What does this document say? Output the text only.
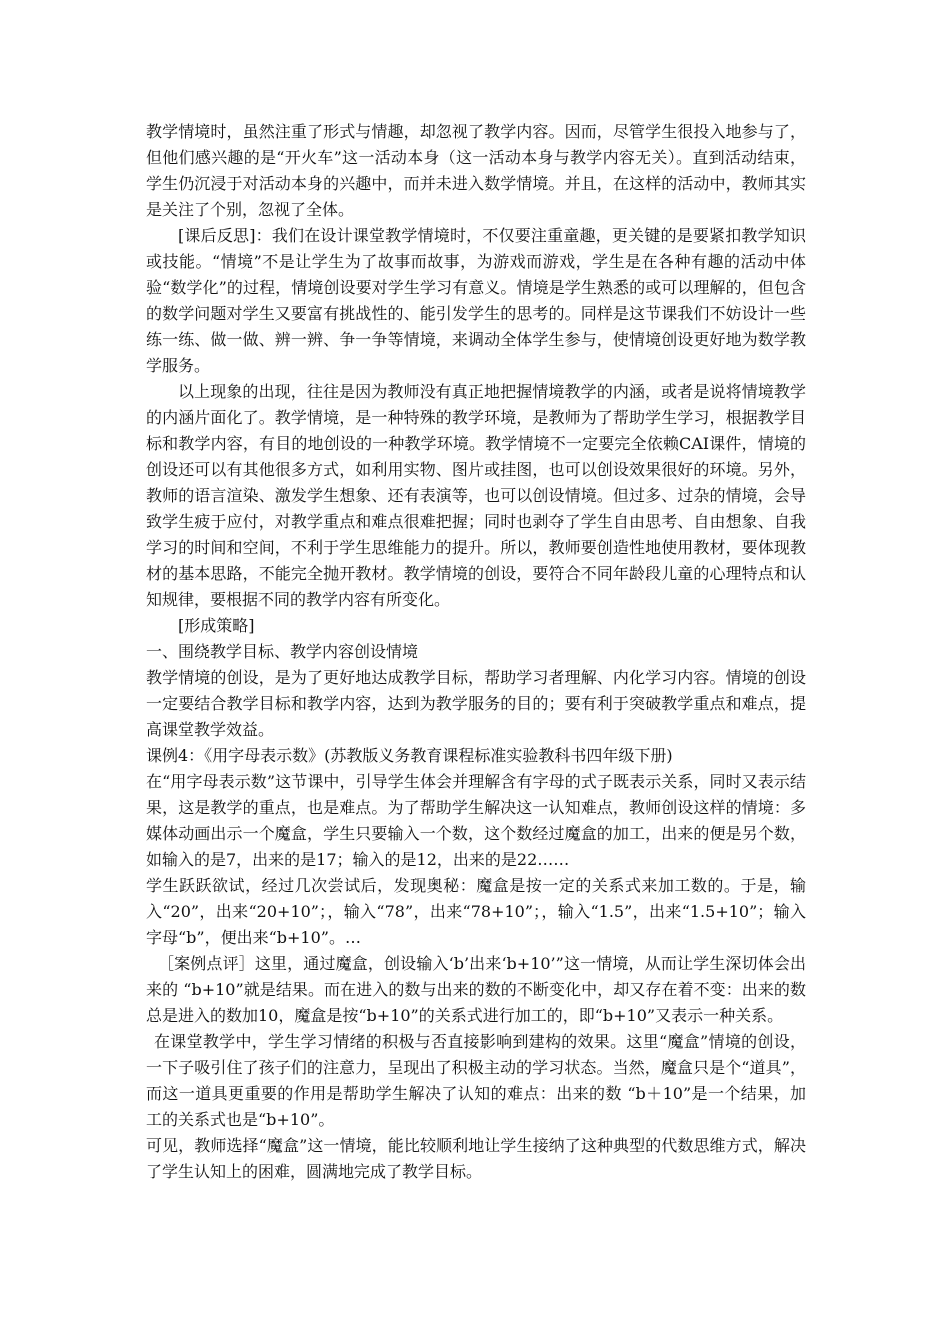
教学情境时，虽然注重了形式与情趣，却忽视了教学内容。因而，尽管学生很投入地参与了，但他们感兴趣的是“开火车”这一活动本身（这一活动本身与教学内容无关）。直到活动结束，学生仍沉浸于对活动本身的兴趣中，而并未进入数学情境。并且，在这样的活动中，教师其实是关注了个别，忽视了全体。

[课后反思]：我们在设计课堂教学情境时，不仅要注重童趣，更关键的是要紧扣教学知识或技能。“情境”不是让学生为了故事而故事，为游戏而游戏，学生是在各种有趣的活动中体验“数学化”的过程，情境创设要对学生学习有意义。情境是学生熟悉的或可以理解的，但包含的数学问题对学生又要富有挑战性的、能引发学生的思考的。同样是这节课我们不妨设计一些练一练、做一做、辨一辨、争一争等情境，来调动全体学生参与，使情境创设更好地为数学教学服务。

以上现象的出现，往往是因为教师没有真正地把握情境教学的内涵，或者是说将情境教学的内涵片面化了。教学情境，是一种特殊的教学环境，是教师为了帮助学生学习，根据教学目标和教学内容，有目的地创设的一种教学环境。教学情境不一定要完全依赖CAI课件，情境的创设还可以有其他很多方式，如利用实物、图片或挂图，也可以创设效果很好的环境。另外，教师的语言渲染、激发学生想象、还有表演等，也可以创设情境。但过多、过杂的情境，会导致学生疲于应付，对教学重点和难点很难把握；同时也剥夺了学生自由思考、自由想象、自我学习的时间和空间，不利于学生思维能力的提升。所以，教师要创造性地使用教材，要体现教材的基本思路，不能完全抛开教材。教学情境的创设，要符合不同年龄段儿童的心理特点和认知规律，要根据不同的教学内容有所变化。

[形成策略]

一、围绕教学目标、教学内容创设情境

教学情境的创设，是为了更好地达成教学目标，帮助学习者理解、内化学习内容。情境的创设一定要结合教学目标和教学内容，达到为教学服务的目的；要有利于突破教学重点和难点，提高课堂教学效益。

课例4：《用字母表示数》(苏教版义务教育课程标准实验教科书四年级下册)

在“用字母表示数”这节课中，引导学生体会并理解含有字母的式子既表示关系，同时又表示结果，这是教学的重点，也是难点。为了帮助学生解决这一认知难点，教师创设这样的情境：多媒体动画出示一个魔盒，学生只要输入一个数，这个数经过魔盒的加工，出来的便是另个数，如输入的是7，出来的是17；输入的是12，出来的是22……

学生跃跃欲试，经过几次尝试后，发现奥秘：魔盒是按一定的关系式来加工数的。于是，输入“20”，出来“20+10”；，输入“78”，出来“78+10”；，输入“1.5”，出来“1.5+10”；输入字母“b”，便出来“b+10”。…

［案例点评］这里，通过魔盒，创设输入‘b’出来‘b+10’”这一情境，从而让学生深切体会出来的 “b+10”就是结果。而在进入的数与出来的数的不断变化中，却又存在着不变：出来的数总是进入的数加10，魔盒是按“b+10”的关系式进行加工的，即“b+10”又表示一种关系。

在课堂教学中，学生学习情绪的积极与否直接影响到建构的效果。这里“魔盒”情境的创设，一下子吸引住了孩子们的注意力，呈现出了积极主动的学习状态。当然，魔盒只是个“道具”，而这一道具更重要的作用是帮助学生解决了认知的难点：出来的数 “b＋10”是一个结果，加工的关系式也是“b+10”。

可见，教师选择“魔盒”这一情境，能比较顺利地让学生接纳了这种典型的代数思维方式，解决了学生认知上的困难，圆满地完成了教学目标。
